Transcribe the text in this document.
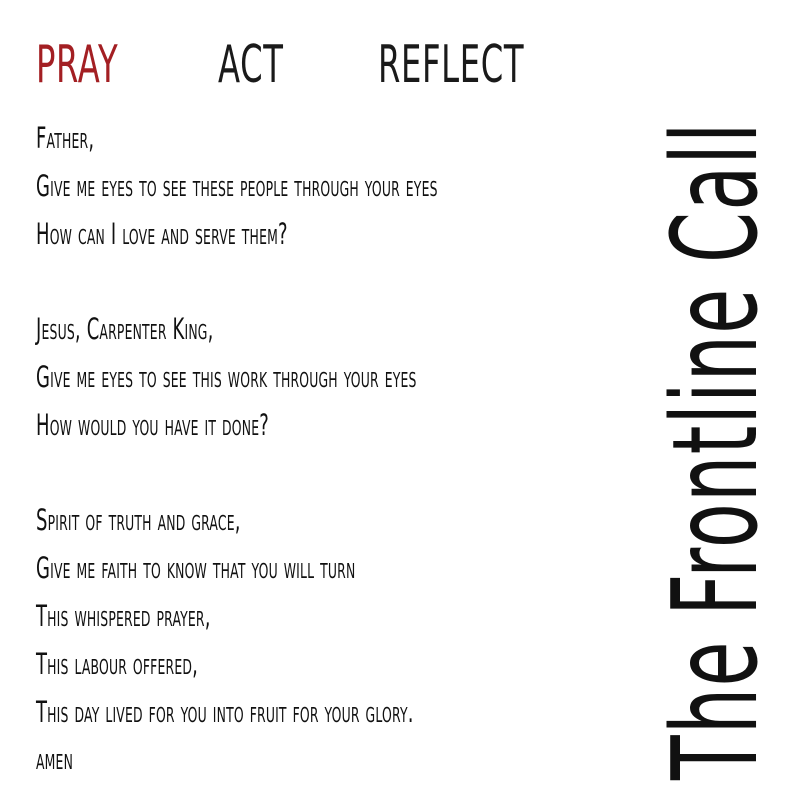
PRAY ACT REFLECT
Father,
Give me eyes to see these people through your eyes
How can I love and serve them?
Jesus, Carpenter King,
Give me eyes to see this work through your eyes
How would you have it done?
Spirit of truth and grace,
Give me faith to know that you will turn
This whispered prayer,
This labour offered,
This day lived for you into fruit for your glory.
amen	The Frontline Call
